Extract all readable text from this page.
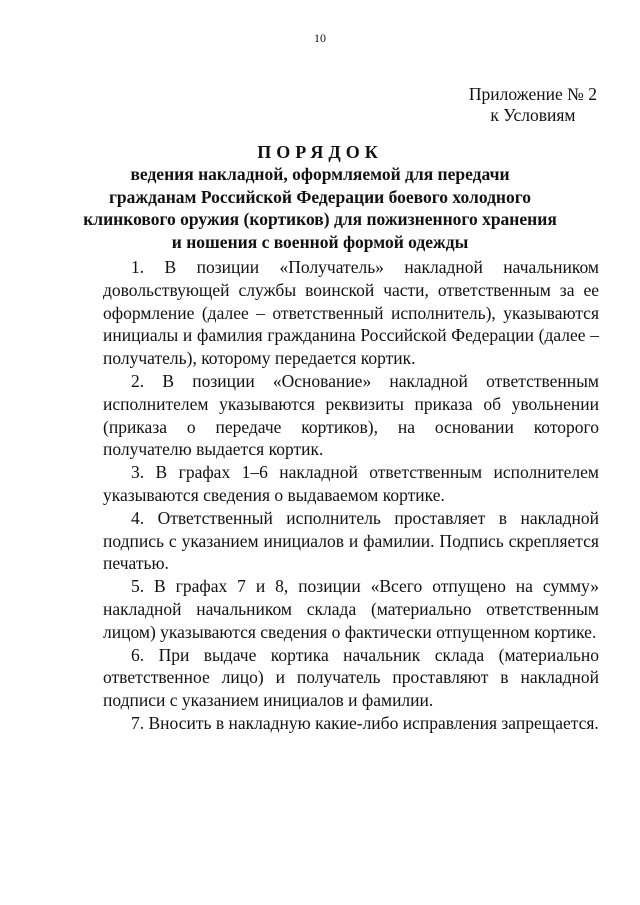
10
Приложение № 2
к Условиям
ПОРЯДОК
ведения накладной, оформляемой для передачи
гражданам Российской Федерации боевого холодного
клинкового оружия (кортиков) для пожизненного хранения
и ношения с военной формой одежды

1. В позиции «Получатель» накладной начальником довольствующей службы воинской части, ответственным за ее оформление (далее – ответственный исполнитель), указываются инициалы и фамилия гражданина Российской Федерации (далее – получатель), которому передается кортик.

2. В позиции «Основание» накладной ответственным исполнителем указываются реквизиты приказа об увольнении (приказа о передаче кортиков), на основании которого получателю выдается кортик.

3. В графах 1–6 накладной ответственным исполнителем указываются сведения о выдаваемом кортике.

4. Ответственный исполнитель проставляет в накладной подпись с указанием инициалов и фамилии. Подпись скрепляется печатью.

5. В графах 7 и 8, позиции «Всего отпущено на сумму» накладной начальником склада (материально ответственным лицом) указываются сведения о фактически отпущенном кортике.

6. При выдаче кортика начальник склада (материально ответственное лицо) и получатель проставляют в накладной подписи с указанием инициалов и фамилии.

7. Вносить в накладную какие-либо исправления запрещается.
